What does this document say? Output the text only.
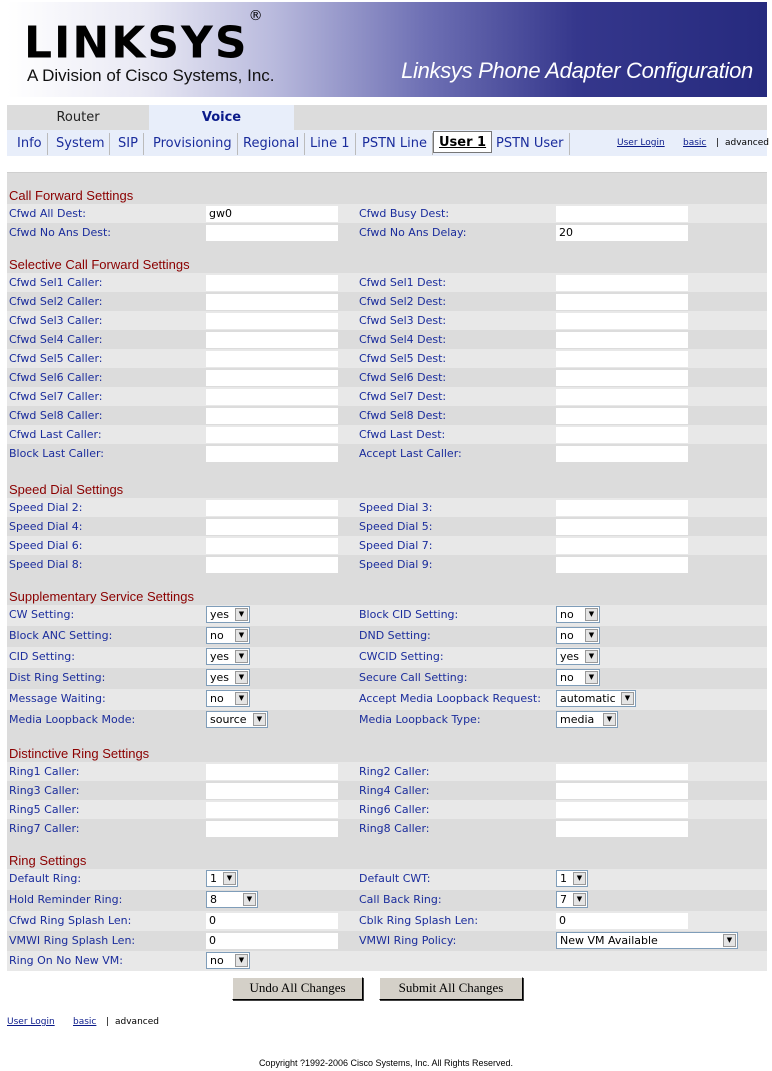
LINKSYS®
A Division of Cisco Systems, Inc.	Linksys Phone Adapter Configuration
Router	Voice
Info	System	SIP	Provisioning Regional Line 1 PSTN Line User 1 PSTN User	User Login basic | advanced
Call Forward Settings
Cfwd All Dest:	gw0	Cfwd Busy Dest:
Cfwd No Ans Dest:	Cfwd No Ans Delay:	20
Selective Call Forward Settings
Cfwd Sel1 Caller:	Cfwd Sel1 Dest:
Cfwd Sel2 Caller:	Cfwd Sel2 Dest:
Cfwd Sel3 Caller:	Cfwd Sel3 Dest:
Cfwd Sel4 Caller:	Cfwd Sel4 Dest:
Cfwd Sel5 Caller:	Cfwd Sel5 Dest:
Cfwd Sel6 Caller:	Cfwd Sel6 Dest:
Cfwd Sel7 Caller:	Cfwd Sel7 Dest:
Cfwd Sel8 Caller:	Cfwd Sel8 Dest:
Cfwd Last Caller:	Cfwd Last Dest:
Block Last Caller:	Accept Last Caller:
Speed Dial Settings
Speed Dial 2:	Speed Dial 3:
Speed Dial 4:	Speed Dial 5:
Speed Dial 6:	Speed Dial 7:
Speed Dial 8:	Speed Dial 9:
Supplementary Service Settings
CW Setting:	yes	▼	Block CID Setting:	no	▼
Block ANC Setting:	no	▼	DND Setting:	no	▼
CID Setting:	yes	▼	CWCID Setting:	yes	▼
Dist Ring Setting:	yes	▼	Secure Call Setting:	no	▼
Message Waiting:	no	▼	Accept Media Loopback Request:	automatic	▼
Media Loopback Mode:	source	▼	Media Loopback Type:	media	▼
Distinctive Ring Settings
Ring1 Caller:	Ring2 Caller:
Ring3 Caller:	Ring4 Caller:
Ring5 Caller:	Ring6 Caller:
Ring7 Caller:	Ring8 Caller:
Ring Settings
Default Ring:	1	▼	Default CWT:	1	▼
Hold Reminder Ring:	8	▼	Call Back Ring:	7	▼
Cfwd Ring Splash Len:	0	Cblk Ring Splash Len:	0
VMWI Ring Splash Len:	0	VMWI Ring Policy:	New VM Available	▼
Ring On No New VM:	no	▼
Undo All Changes	Submit All Changes
User Login basic | advanced
Copyright ?1992-2006 Cisco Systems, Inc. All Rights Reserved.
